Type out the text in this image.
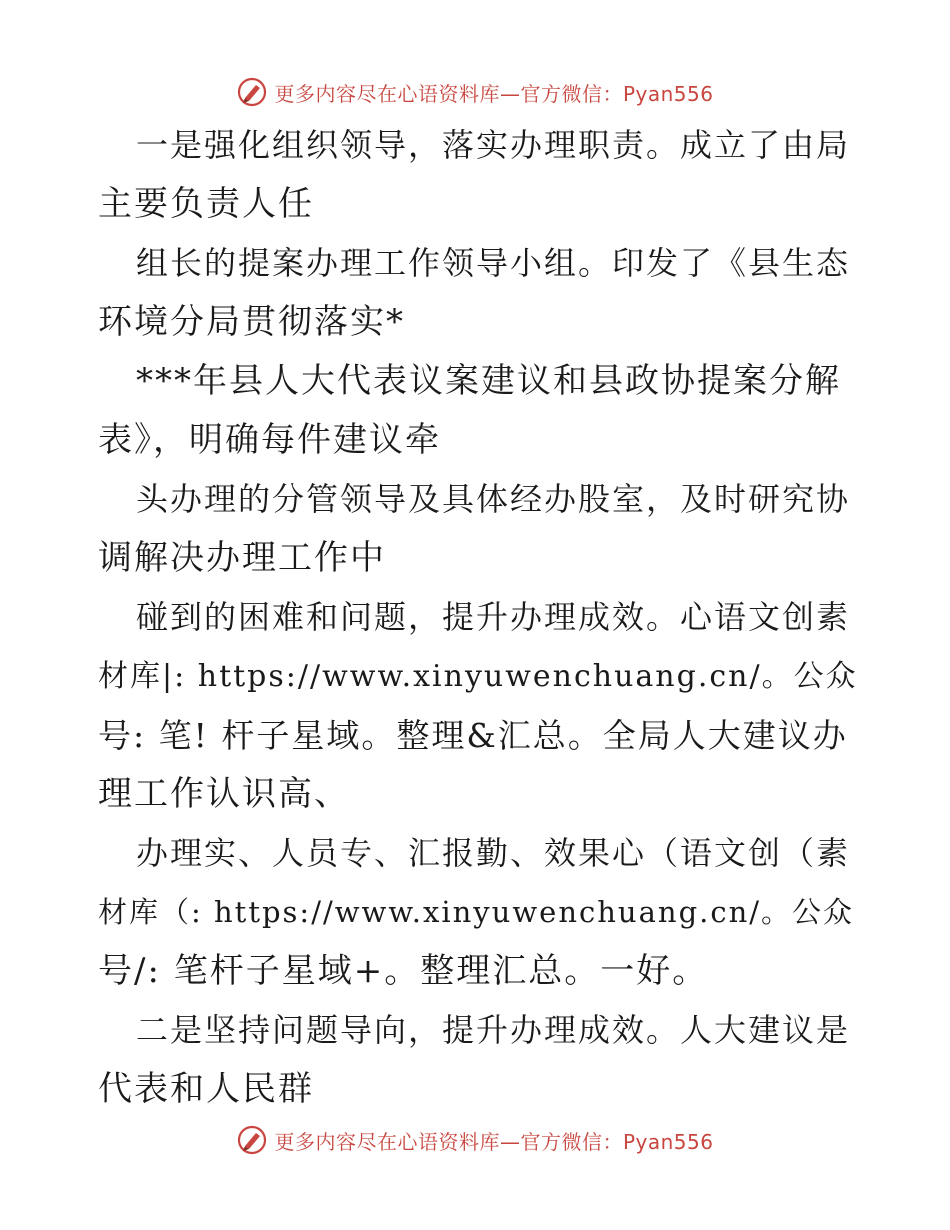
更多内容尽在心语资料库—官方微信：Pyan556
一是强化组织领导，落实办理职责。成立了由局
主要负责人任
组长的提案办理工作领导小组。印发了《县生态
环境分局贯彻落实*
***年县人大代表议案建议和县政协提案分解
表》，明确每件建议牵
头办理的分管领导及具体经办股室，及时研究协
调解决办理工作中
碰到的困难和问题，提升办理成效。心语文创素
材库|: https://www.xinyuwenchuang.cn/。公众
号: 笔! 杆子星域。整理&汇总。全局人大建议办
理工作认识高、
办理实、人员专、汇报勤、效果心（语文创（素
材库（: https://www.xinyuwenchuang.cn/。公众
号/: 笔杆子星域+。整理汇总。一好。
二是坚持问题导向，提升办理成效。人大建议是
代表和人民群
更多内容尽在心语资料库—官方微信：Pyan556
